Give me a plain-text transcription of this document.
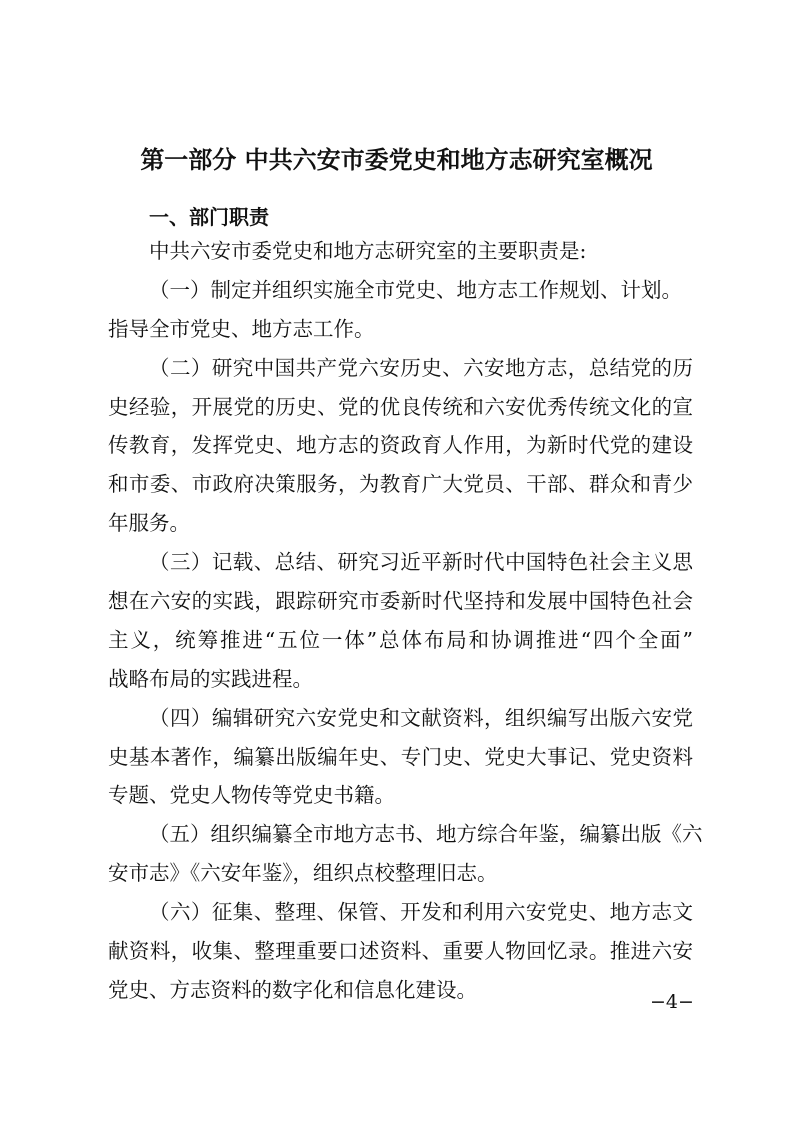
第一部分 中共六安市委党史和地方志研究室概况
一、部门职责
中共六安市委党史和地方志研究室的主要职责是:
（一）制定并组织实施全市党史、地方志工作规划、计划。
指导全市党史、地方志工作。
（二）研究中国共产党六安历史、六安地方志，总结党的历
史经验，开展党的历史、党的优良传统和六安优秀传统文化的宣
传教育，发挥党史、地方志的资政育人作用，为新时代党的建设
和市委、市政府决策服务，为教育广大党员、干部、群众和青少
年服务。
（三）记载、总结、研究习近平新时代中国特色社会主义思
想在六安的实践，跟踪研究市委新时代坚持和发展中国特色社会
主义，统筹推进“五位一体”总体布局和协调推进“四个全面”
战略布局的实践进程。
（四）编辑研究六安党史和文献资料，组织编写出版六安党
史基本著作，编纂出版编年史、专门史、党史大事记、党史资料
专题、党史人物传等党史书籍。
（五）组织编纂全市地方志书、地方综合年鉴，编纂出版《六
安市志》《六安年鉴》，组织点校整理旧志。
（六）征集、整理、保管、开发和利用六安党史、地方志文
献资料，收集、整理重要口述资料、重要人物回忆录。推进六安
党史、方志资料的数字化和信息化建设。
−4−
